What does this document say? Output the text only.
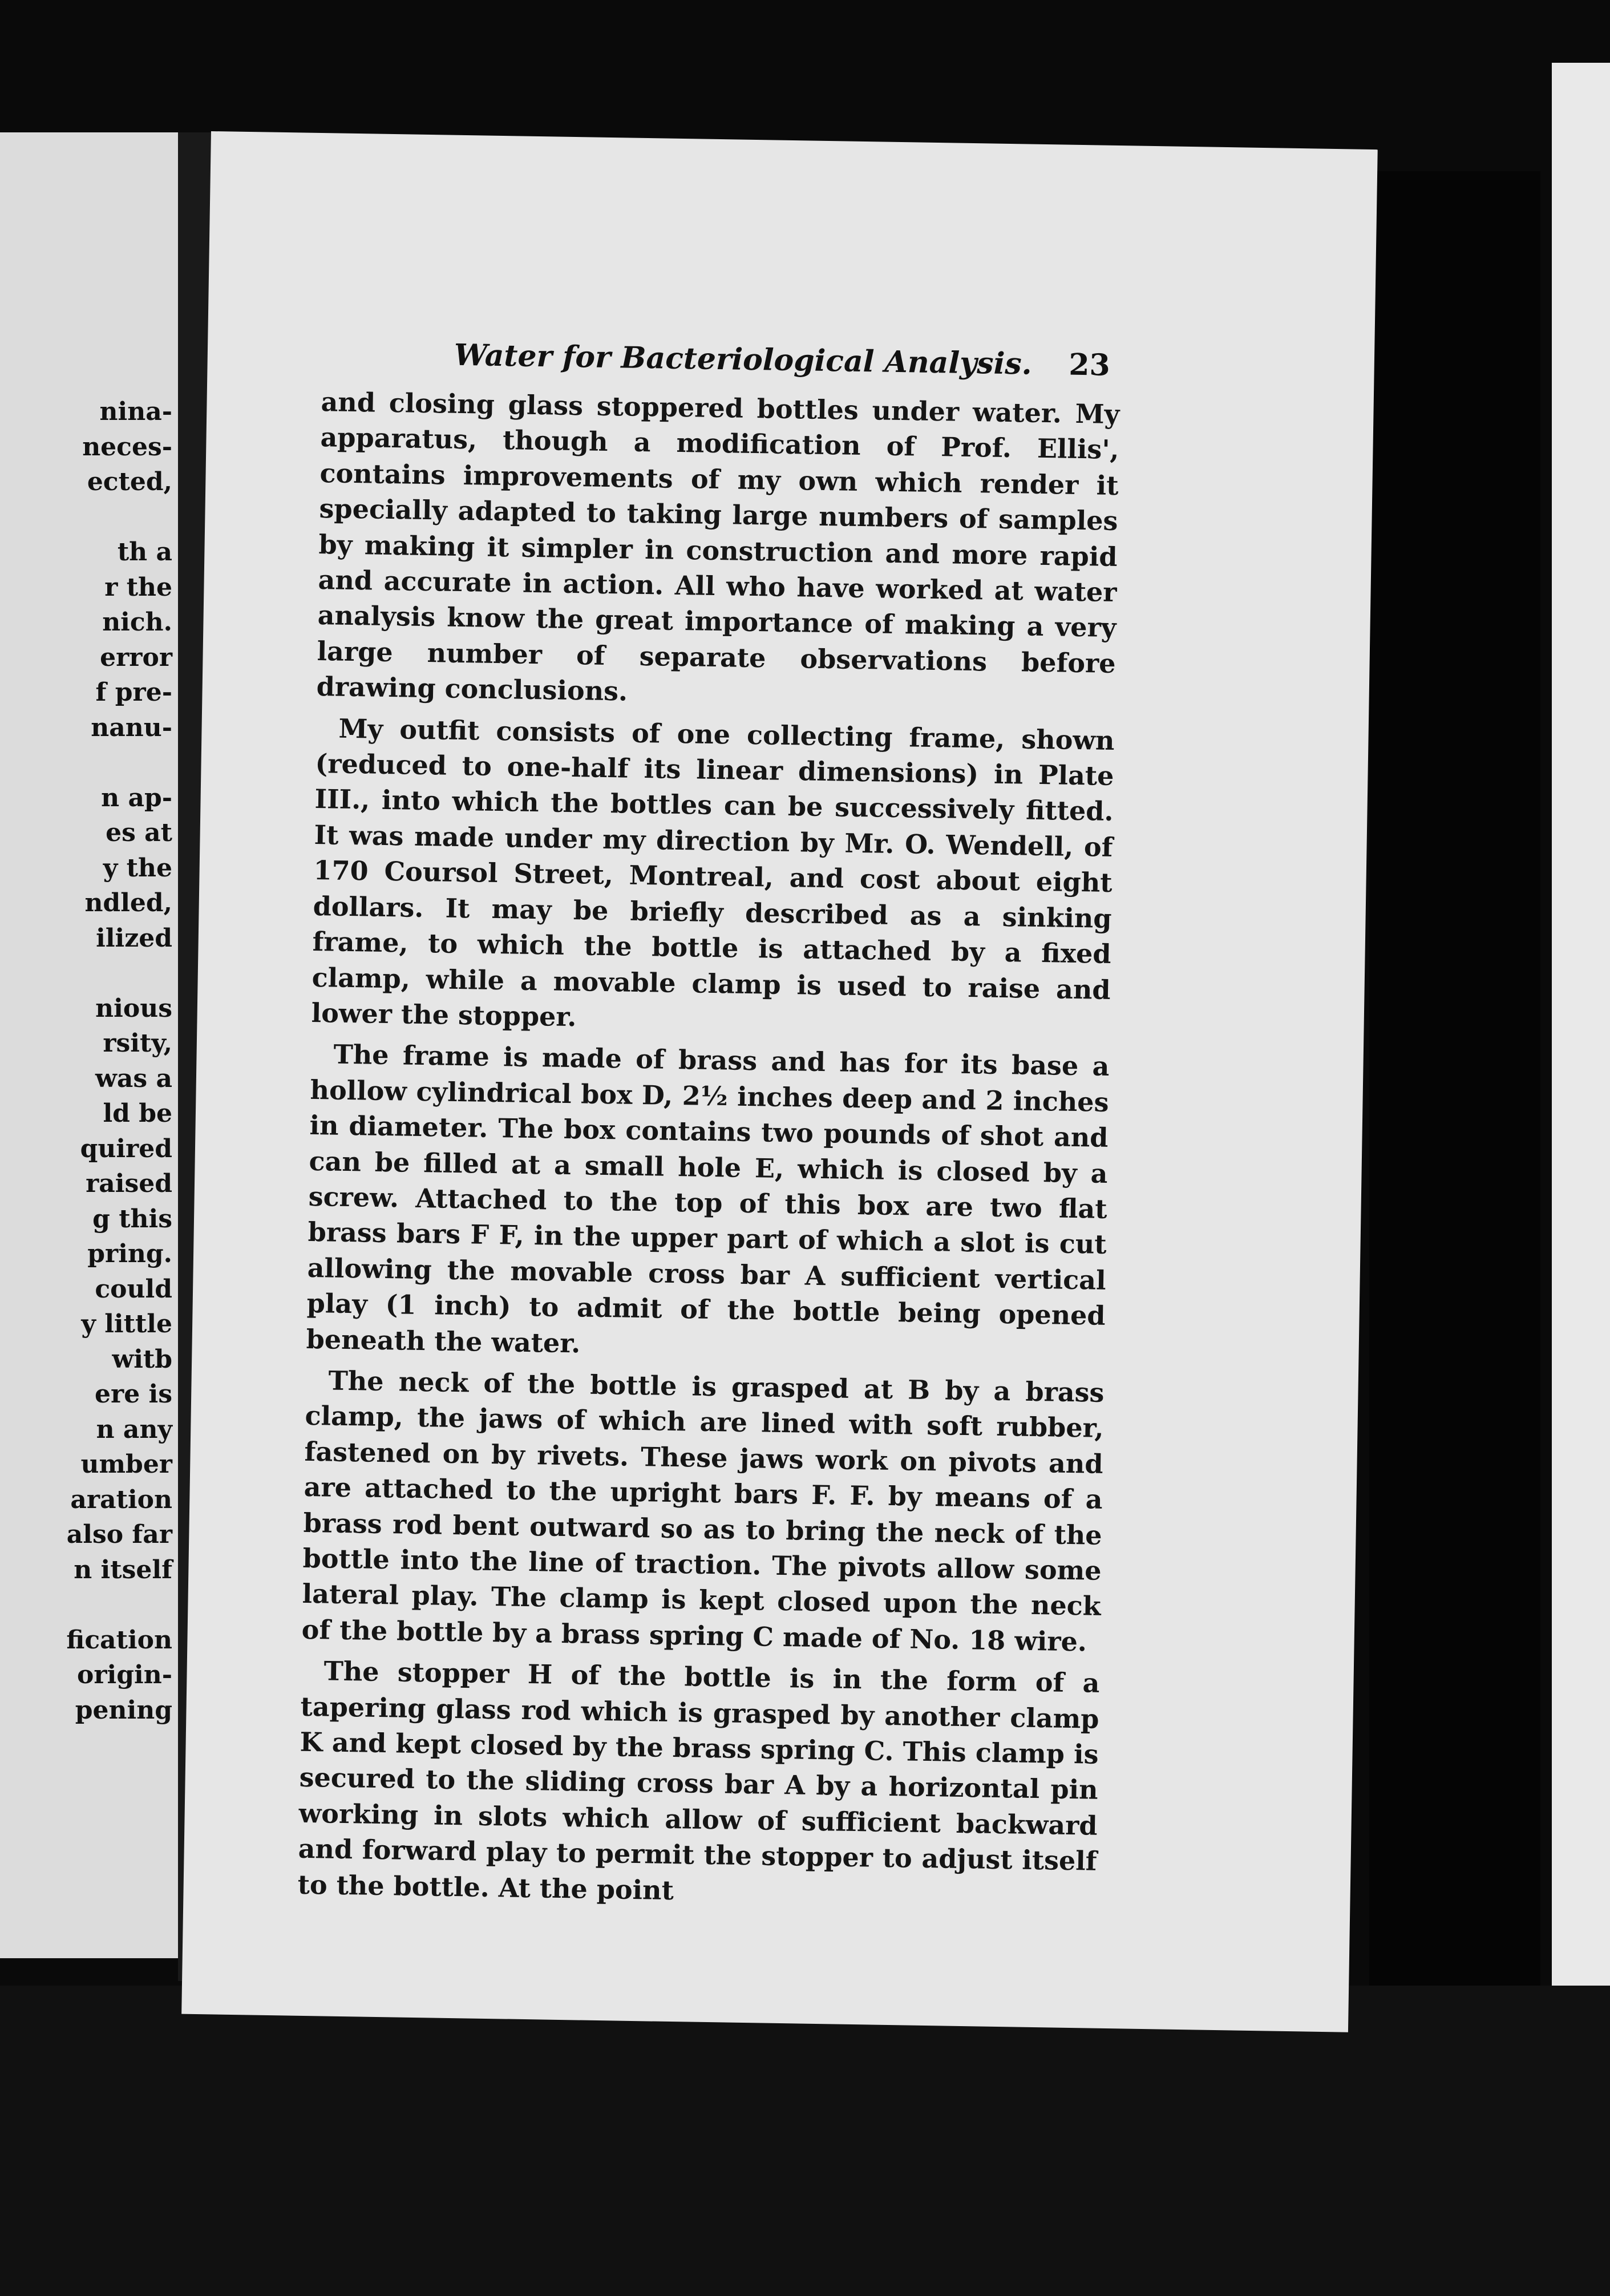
nina-

neces-

ected,

th a

r the

nich.

error

f pre-

nanu-

n ap-

es at

y the

ndled,

ilized

nious

rsity,

was a

ld be

quired

raised

g this

pring.

could

y little

witb

ere is

n any

umber

aration

also far

n itself

fication

origin-

pening

Water for Bacteriological Analysis. 23

and closing glass stoppered bottles under water. My apparatus, though a modification of Prof. Ellis', contains improvements of my own which render it specially adapted to taking large numbers of samples by making it simpler in construction and more rapid and accurate in action. All who have worked at water analysis know the great importance of making a very large number of separate observations before drawing conclusions.

My outfit consists of one collecting frame, shown (reduced to one-half its linear dimensions) in Plate III., into which the bottles can be successively fitted. It was made under my direction by Mr. O. Wendell, of 170 Coursol Street, Montreal, and cost about eight dollars. It may be briefly described as a sinking frame, to which the bottle is attached by a fixed clamp, while a movable clamp is used to raise and lower the stopper.

The frame is made of brass and has for its base a hollow cylindrical box D, 2½ inches deep and 2 inches in diameter. The box contains two pounds of shot and can be filled at a small hole E, which is closed by a screw. Attached to the top of this box are two flat brass bars F F, in the upper part of which a slot is cut allowing the movable cross bar A sufficient vertical play (1 inch) to admit of the bottle being opened beneath the water.

The neck of the bottle is grasped at B by a brass clamp, the jaws of which are lined with soft rubber, fastened on by rivets. These jaws work on pivots and are attached to the upright bars F. F. by means of a brass rod bent outward so as to bring the neck of the bottle into the line of traction. The pivots allow some lateral play. The clamp is kept closed upon the neck of the bottle by a brass spring C made of No. 18 wire.

The stopper H of the bottle is in the form of a tapering glass rod which is grasped by another clamp K and kept closed by the brass spring C. This clamp is secured to the sliding cross bar A by a horizontal pin working in slots which allow of sufficient backward and forward play to permit the stopper to adjust itself to the bottle. At the point
